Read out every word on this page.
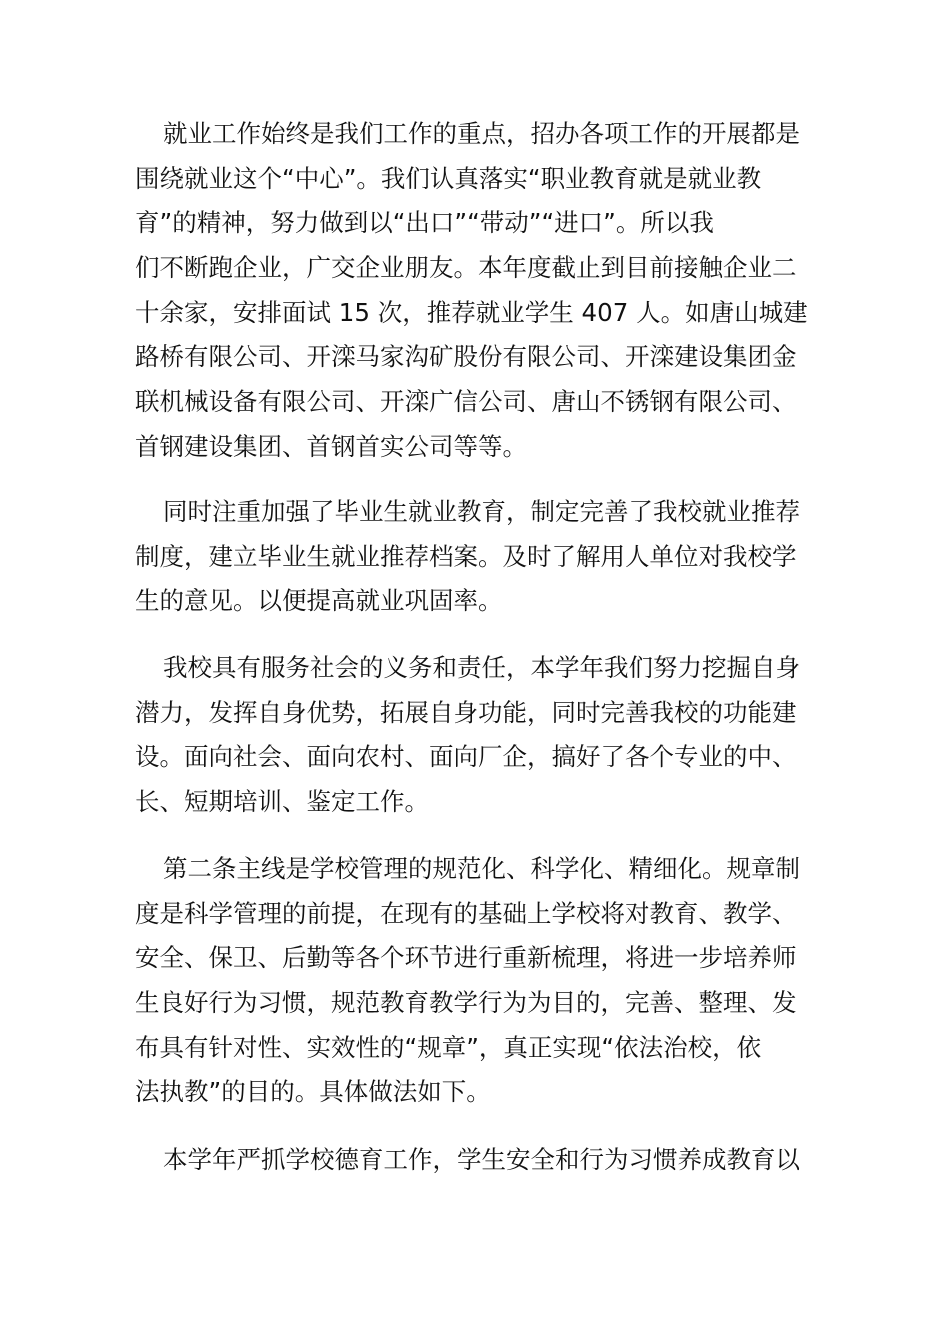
就业工作始终是我们工作的重点，招办各项工作的开展都是
围绕就业这个“中心”。我们认真落实“职业教育就是就业教
育”的精神，努力做到以“出口”“带动”“进口”。所以我
们不断跑企业，广交企业朋友。本年度截止到目前接触企业二
十余家，安排面试 15 次，推荐就业学生 407 人。如唐山城建
路桥有限公司、开滦马家沟矿股份有限公司、开滦建设集团金
联机械设备有限公司、开滦广信公司、唐山不锈钢有限公司、
首钢建设集团、首钢首实公司等等。
同时注重加强了毕业生就业教育，制定完善了我校就业推荐
制度，建立毕业生就业推荐档案。及时了解用人单位对我校学
生的意见。以便提高就业巩固率。
我校具有服务社会的义务和责任，本学年我们努力挖掘自身
潜力，发挥自身优势，拓展自身功能，同时完善我校的功能建
设。面向社会、面向农村、面向厂企，搞好了各个专业的中、
长、短期培训、鉴定工作。
第二条主线是学校管理的规范化、科学化、精细化。规章制
度是科学管理的前提，在现有的基础上学校将对教育、教学、
安全、保卫、后勤等各个环节进行重新梳理，将进一步培养师
生良好行为习惯，规范教育教学行为为目的，完善、整理、发
布具有针对性、实效性的“规章”，真正实现“依法治校，依
法执教”的目的。具体做法如下。
本学年严抓学校德育工作，学生安全和行为习惯养成教育以
